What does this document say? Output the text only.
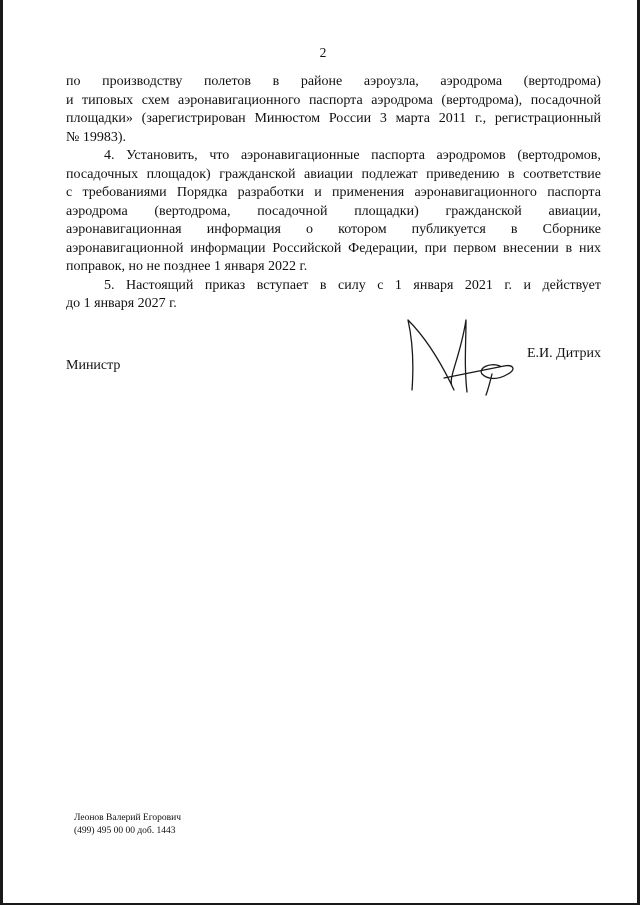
2

по производству полетов в районе аэроузла, аэродрома (вертодрома)

и типовых схем аэронавигационного паспорта аэродрома (вертодрома), посадочной

площадки» (зарегистрирован Минюстом России 3 марта 2011 г., регистрационный

№ 19983).

4. Установить, что аэронавигационные паспорта аэродромов (вертодромов,

посадочных площадок) гражданской авиации подлежат приведению в соответствие

с требованиями Порядка разработки и применения аэронавигационного паспорта

аэродрома (вертодрома, посадочной площадки) гражданской авиации,

аэронавигационная информация о котором публикуется в Сборнике

аэронавигационной информации Российской Федерации, при первом внесении в них

поправок, но не позднее 1 января 2022 г.

5. Настоящий приказ вступает в силу с 1 января 2021 г. и действует

до 1 января 2027 г.

Министр
Е.И. Дитрих
Леонов Валерий Егорович
(499) 495 00 00 доб. 1443
